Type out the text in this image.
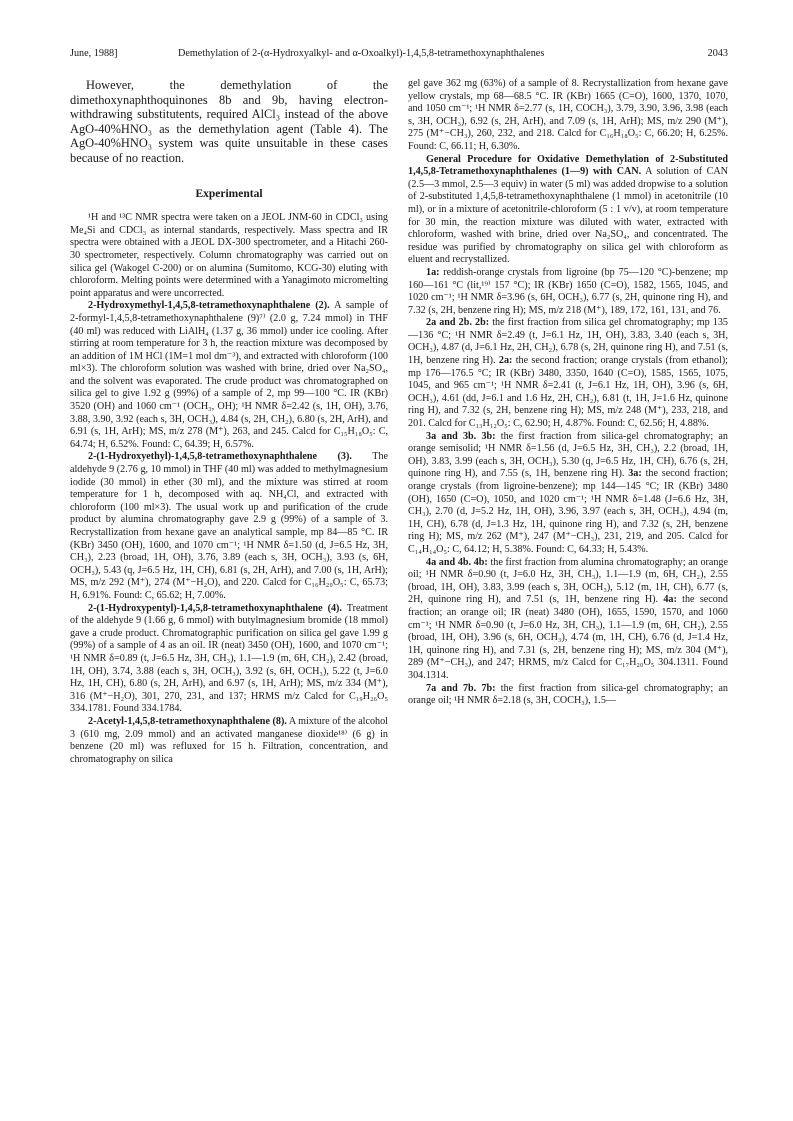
June, 1988]	Demethylation of 2-(α-Hydroxyalkyl- and α-Oxoalkyl)-1,4,5,8-tetramethoxynaphthalenes	2043

However, the demethylation of the dimethoxynaphthoquinones 8b and 9b, having electron-withdrawing substitutents, required AlCl₃ instead of the above AgO-40%HNO₃ as the demethylation agent (Table 4). The AgO-40%HNO₃ system was quite unsuitable in these cases because of no reaction.

Experimental

¹H and ¹³C NMR spectra were taken on a JEOL JNM-60 in CDCl₃ using Me₄Si and CDCl₃ as internal standards, respectively. Mass spectra and IR spectra were obtained with a JEOL DX-300 spectrometer, and a Hitachi 260-30 spectrometer, respectively. Column chromatography was carried out on silica gel (Wakogel C-200) or on alumina (Sumitomo, KCG-30) eluting with chloroform. Melting points were determined with a Yanagimoto micromelting point apparatus and were uncorrected.

2-Hydroxymethyl-1,4,5,8-tetramethoxynaphthalene (2). A sample of 2-formyl-1,4,5,8-tetramethoxynaphthalene (9)⁷⁾ (2.0 g, 7.24 mmol) in THF (40 ml) was reduced with LiAlH₄ (1.37 g, 36 mmol) under ice cooling. After stirring at room temperature for 3 h, the reaction mixture was decomposed by an addition of 1M HCl (1M=1 mol dm⁻³), and extracted with chloroform (100 ml×3). The chloroform solution was washed with brine, dried over Na₂SO₄, and the solvent was evaporated. The crude product was chromatographed on silica gel to give 1.92 g (99%) of a sample of 2, mp 99—100 °C. IR (KBr) 3520 (OH) and 1060 cm⁻¹ (OCH₃, OH); ¹H NMR δ=2.42 (s, 1H, OH), 3.76, 3.88, 3.90, 3.92 (each s, 3H, OCH₃), 4.84 (s, 2H, CH₂), 6.80 (s, 2H, ArH), and 6.91 (s, 1H, ArH); MS, m/z 278 (M⁺), 263, and 245. Calcd for C₁₅H₁₈O₅: C, 64.74; H, 6.52%. Found: C, 64.39; H, 6.57%.

2-(1-Hydroxyethyl)-1,4,5,8-tetramethoxynaphthalene (3). The aldehyde 9 (2.76 g, 10 mmol) in THF (40 ml) was added to methylmagnesium iodide (30 mmol) in ether (30 ml), and the mixture was stirred at room temperature for 1 h, decomposed with aq. NH₄Cl, and extracted with chloroform (100 ml×3). The usual work up and purification of the crude product by alumina chromatography gave 2.9 g (99%) of a sample of 3. Recrystallization from hexane gave an analytical sample, mp 84—85 °C. IR (KBr) 3450 (OH), 1600, and 1070 cm⁻¹; ¹H NMR δ=1.50 (d, J=6.5 Hz, 3H, CH₃), 2.23 (broad, 1H, OH), 3.76, 3.89 (each s, 3H, OCH₃), 3.93 (s, 6H, OCH₃), 5.43 (q, J=6.5 Hz, 1H, CH), 6.81 (s, 2H, ArH), and 7.00 (s, 1H, ArH); MS, m/z 292 (M⁺), 274 (M⁺−H₂O), and 220. Calcd for C₁₆H₂₀O₅: C, 65.73; H, 6.91%. Found: C, 65.62; H, 7.00%.

2-(1-Hydroxypentyl)-1,4,5,8-tetramethoxynaphthalene (4). Treatment of the aldehyde 9 (1.66 g, 6 mmol) with butylmagnesium bromide (18 mmol) gave a crude product. Chromatographic purification on silica gel gave 1.99 g (99%) of a sample of 4 as an oil. IR (neat) 3450 (OH), 1600, and 1070 cm⁻¹; ¹H NMR δ=0.89 (t, J=6.5 Hz, 3H, CH₃), 1.1—1.9 (m, 6H, CH₂), 2.42 (broad, 1H, OH), 3.74, 3.88 (each s, 3H, OCH₃), 3.92 (s, 6H, OCH₃), 5.22 (t, J=6.0 Hz, 1H, CH), 6.80 (s, 2H, ArH), and 6.97 (s, 1H, ArH); MS, m/z 334 (M⁺), 316 (M⁺−H₂O), 301, 270, 231, and 137; HRMS m/z Calcd for C₁₉H₂₆O₅ 334.1781. Found 334.1784.

2-Acetyl-1,4,5,8-tetramethoxynaphthalene (8). A mixture of the alcohol 3 (610 mg, 2.09 mmol) and an activated manganese dioxide¹⁸⁾ (6 g) in benzene (20 ml) was refluxed for 15 h. Filtration, concentration, and chromatography on silica

gel gave 362 mg (63%) of a sample of 8. Recrystallization from hexane gave yellow crystals, mp 68—68.5 °C. IR (KBr) 1665 (C=O), 1600, 1370, 1070, and 1050 cm⁻¹; ¹H NMR δ=2.77 (s, 1H, COCH₃), 3.79, 3.90, 3.96, 3.98 (each s, 3H, OCH₃), 6.92 (s, 2H, ArH), and 7.09 (s, 1H, ArH); MS, m/z 290 (M⁺), 275 (M⁺−CH₃), 260, 232, and 218. Calcd for C₁₆H₁₈O₅: C, 66.20; H, 6.25%. Found: C, 66.11; H, 6.30%.

General Procedure for Oxidative Demethylation of 2-Substituted 1,4,5,8-Tetramethoxynaphthalenes (1—9) with CAN. A solution of CAN (2.5—3 mmol, 2.5—3 equiv) in water (5 ml) was added dropwise to a solution of 2-substituted 1,4,5,8-tetramethoxynaphthalene (1 mmol) in acetonitrile (10 ml), or in a mixture of acetonitrile-chloroform (5 : 1 v/v), at room temperature for 30 min, the reaction mixture was diluted with water, extracted with chloroform, washed with brine, dried over Na₂SO₄, and concentrated. The residue was purified by chromatography on silica gel with chloroform as eluent and recrystallized.

1a: reddish-orange crystals from ligroine (bp 75—120 °C)-benzene; mp 160—161 °C (lit,¹⁹⁾ 157 °C); IR (KBr) 1650 (C=O), 1582, 1565, 1045, and 1020 cm⁻¹; ¹H NMR δ=3.96 (s, 6H, OCH₃), 6.77 (s, 2H, quinone ring H), and 7.32 (s, 2H, benzene ring H); MS, m/z 218 (M⁺), 189, 172, 161, 131, and 76.

2a and 2b. 2b: the first fraction from silica gel chromatography; mp 135—136 °C; ¹H NMR δ=2.49 (t, J=6.1 Hz, 1H, OH), 3.83, 3.40 (each s, 3H, OCH₃), 4.87 (d, J=6.1 Hz, 2H, CH₂), 6.78 (s, 2H, quinone ring H), and 7.51 (s, 1H, benzene ring H). 2a: the second fraction; orange crystals (from ethanol); mp 176—176.5 °C; IR (KBr) 3480, 3350, 1640 (C=O), 1585, 1565, 1075, 1045, and 965 cm⁻¹; ¹H NMR δ=2.41 (t, J=6.1 Hz, 1H, OH), 3.96 (s, 6H, OCH₃), 4.61 (dd, J=6.1 and 1.6 Hz, 2H, CH₂), 6.81 (t, 1H, J=1.6 Hz, quinone ring H), and 7.32 (s, 2H, benzene ring H); MS, m/z 248 (M⁺), 233, 218, and 201. Calcd for C₁₃H₁₂O₅: C, 62.90; H, 4.87%. Found: C, 62.56; H, 4.88%.

3a and 3b. 3b: the first fraction from silica-gel chromatography; an orange semisolid; ¹H NMR δ=1.56 (d, J=6.5 Hz, 3H, CH₃), 2.2 (broad, 1H, OH), 3.83, 3.99 (each s, 3H, OCH₃), 5.30 (q, J=6.5 Hz, 1H, CH), 6.76 (s, 2H, quinone ring H), and 7.55 (s, 1H, benzene ring H). 3a: the second fraction; orange crystals (from ligroine-benzene); mp 144—145 °C; IR (KBr) 3480 (OH), 1650 (C=O), 1050, and 1020 cm⁻¹; ¹H NMR δ=1.48 (J=6.6 Hz, 3H, CH₃), 2.70 (d, J=5.2 Hz, 1H, OH), 3.96, 3.97 (each s, 3H, OCH₃), 4.94 (m, 1H, CH), 6.78 (d, J=1.3 Hz, 1H, quinone ring H), and 7.32 (s, 2H, benzene ring H); MS, m/z 262 (M⁺), 247 (M⁺−CH₃), 231, 219, and 205. Calcd for C₁₄H₁₄O₅: C, 64.12; H, 5.38%. Found: C, 64.33; H, 5.43%.

4a and 4b. 4b: the first fraction from alumina chromatography; an orange oil; ¹H NMR δ=0.90 (t, J=6.0 Hz, 3H, CH₃), 1.1—1.9 (m, 6H, CH₂), 2.55 (broad, 1H, OH), 3.83, 3.99 (each s, 3H, OCH₃), 5.12 (m, 1H, CH), 6.77 (s, 2H, quinone ring H), and 7.51 (s, 1H, benzene ring H). 4a: the second fraction; an orange oil; IR (neat) 3480 (OH), 1655, 1590, 1570, and 1060 cm⁻¹; ¹H NMR δ=0.90 (t, J=6.0 Hz, 3H, CH₃), 1.1—1.9 (m, 6H, CH₂), 2.55 (broad, 1H, OH), 3.96 (s, 6H, OCH₃), 4.74 (m, 1H, CH), 6.76 (d, J=1.4 Hz, 1H, quinone ring H), and 7.31 (s, 2H, benzene ring H); MS, m/z 304 (M⁺), 289 (M⁺−CH₃), and 247; HRMS, m/z Calcd for C₁₇H₂₀O₅ 304.1311. Found 304.1314.

7a and 7b. 7b: the first fraction from silica-gel chromatography; an orange oil; ¹H NMR δ=2.18 (s, 3H, COCH₃), 1.5—
